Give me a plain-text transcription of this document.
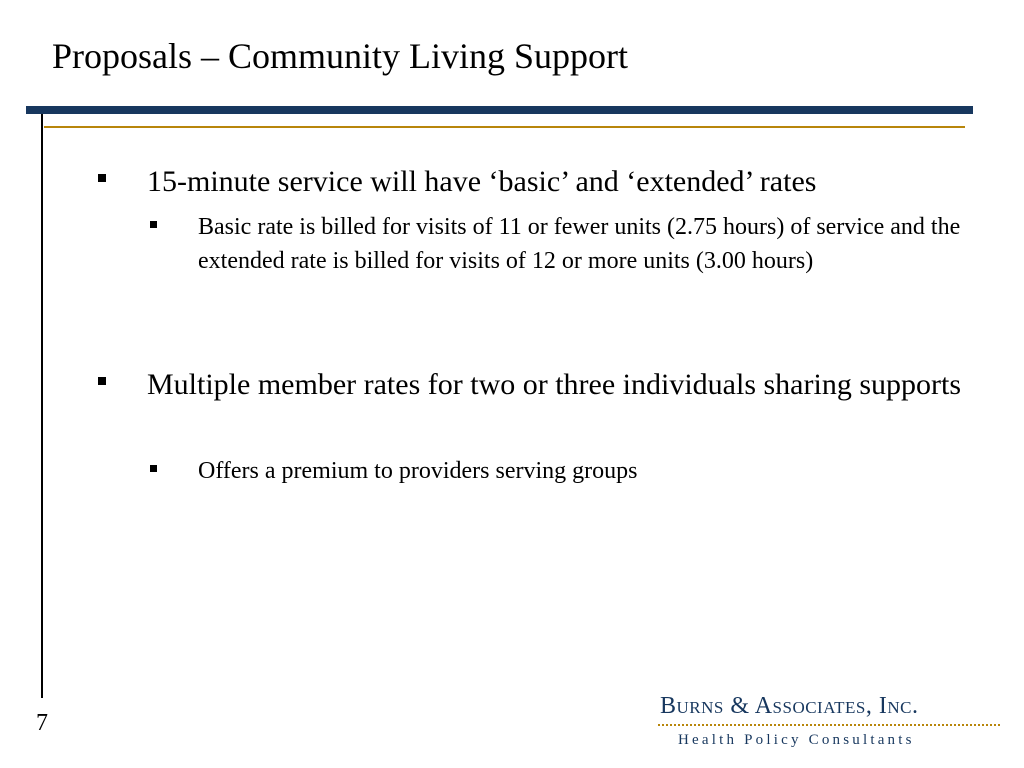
Proposals – Community Living Support
15-minute service will have ‘basic’ and ‘extended’ rates
Basic rate is billed for visits of 11 or fewer units (2.75 hours) of service and the extended rate is billed for visits of 12 or more units (3.00 hours)
Multiple member rates for two or three individuals sharing supports
Offers a premium to providers serving groups
7
Burns & Associates, Inc.
Health Policy Consultants
